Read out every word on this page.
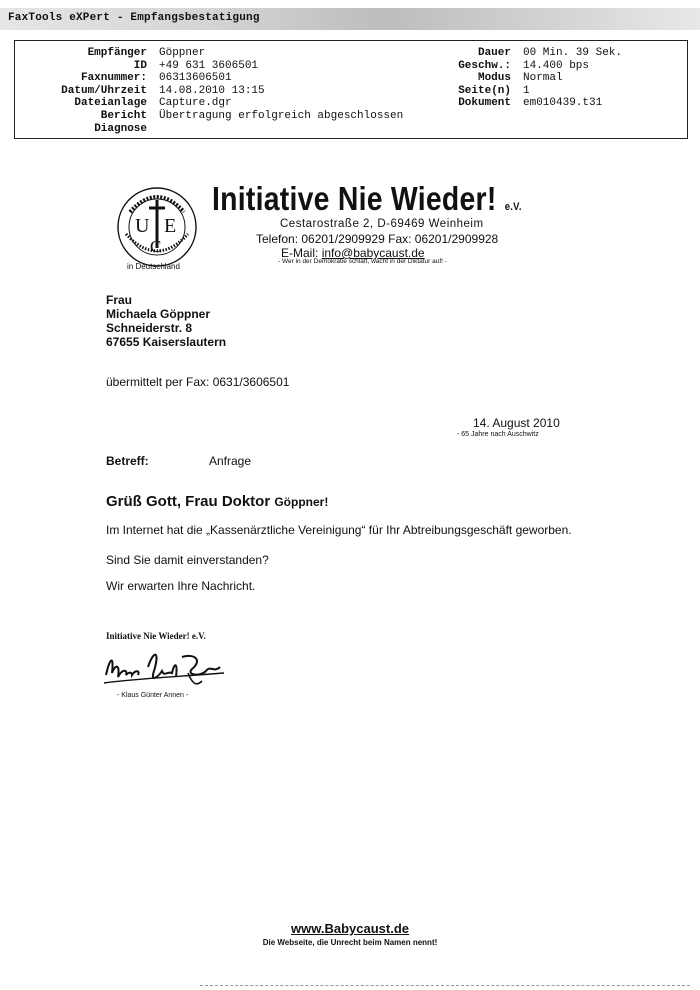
FaxTools eXPert - Empfangsbestatigung
Empfänger
ID
Faxnummer:
Datum/Uhrzeit
Dateianlage
Bericht
Diagnose
Göppner
+49 631 3606501
06313606501
14.08.2010 13:15
Capture.dgr
Übertragung erfolgreich abgeschlossen
Dauer
Geschw.:
Modus
Seite(n)
Dokument
00 Min. 39 Sek.
14.400 bps
Normal
1
em010439.t31
U E
C
in Deutschland
Initiative Nie Wieder! e.V.
Cestarostraße 2, D-69469 Weinheim
Telefon: 06201/2909929 Fax: 06201/2909928
E-Mail: info@babycaust.de
- Wer in der Demokratie schläft, wacht in der Diktatur auf! -
Frau
Michaela Göppner
Schneiderstr. 8
67655 Kaiserslautern
übermittelt per Fax: 0631/3606501
14. August 2010
- 65 Jahre nach Auschwitz
Betreff:	Anfrage
Grüß Gott, Frau Doktor Göppner!
Im Internet hat die „Kassenärztliche Vereinigung“ für Ihr Abtreibungsgeschäft geworben.
Sind Sie damit einverstanden?
Wir erwarten Ihre Nachricht.
Initiative Nie Wieder! e.V.
- Klaus Günter Annen -
www.Babycaust.de
Die Webseite, die Unrecht beim Namen nennt!
